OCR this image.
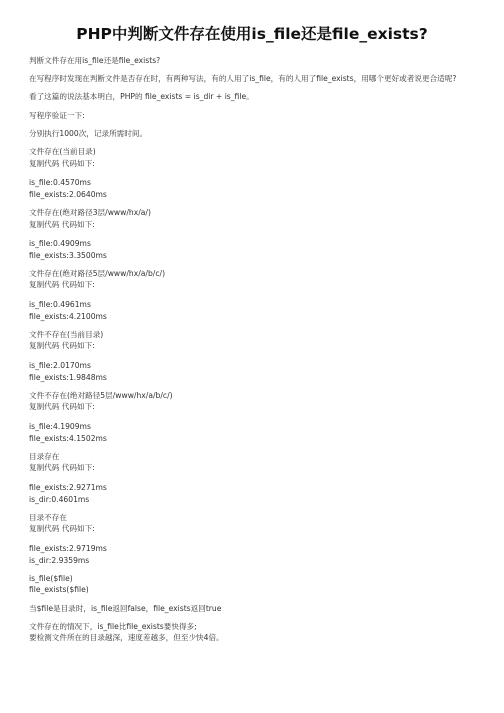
PHP中判断文件存在使用is_file还是file_exists?
判断文件存在用is_file还是file_exists?
在写程序时发现在判断文件是否存在时，有两种写法，有的人用了is_file，有的人用了file_exists，用哪个更好或者说更合适呢?
看了这篇的说法基本明白，PHP的 file_exists = is_dir + is_file。
写程序验证一下:
分别执行1000次，记录所需时间。
文件存在(当前目录)
复制代码 代码如下:
is_file:0.4570ms
file_exists:2.0640ms
文件存在(绝对路径3层/www/hx/a/)
复制代码 代码如下:
is_file:0.4909ms
file_exists:3.3500ms
文件存在(绝对路径5层/www/hx/a/b/c/)
复制代码 代码如下:
is_file:0.4961ms
file_exists:4.2100ms
文件不存在(当前目录)
复制代码 代码如下:
is_file:2.0170ms
file_exists:1.9848ms
文件不存在(绝对路径5层/www/hx/a/b/c/)
复制代码 代码如下:
is_file:4.1909ms
file_exists:4.1502ms
目录存在
复制代码 代码如下:
file_exists:2.9271ms
is_dir:0.4601ms
目录不存在
复制代码 代码如下:
file_exists:2.9719ms
is_dir:2.9359ms
is_file($file)
file_exists($file)
当$file是目录时，is_file返回false，file_exists返回true
文件存在的情况下，is_file比file_exists要快得多;
要检测文件所在的目录越深，速度差越多，但至少快4倍。
